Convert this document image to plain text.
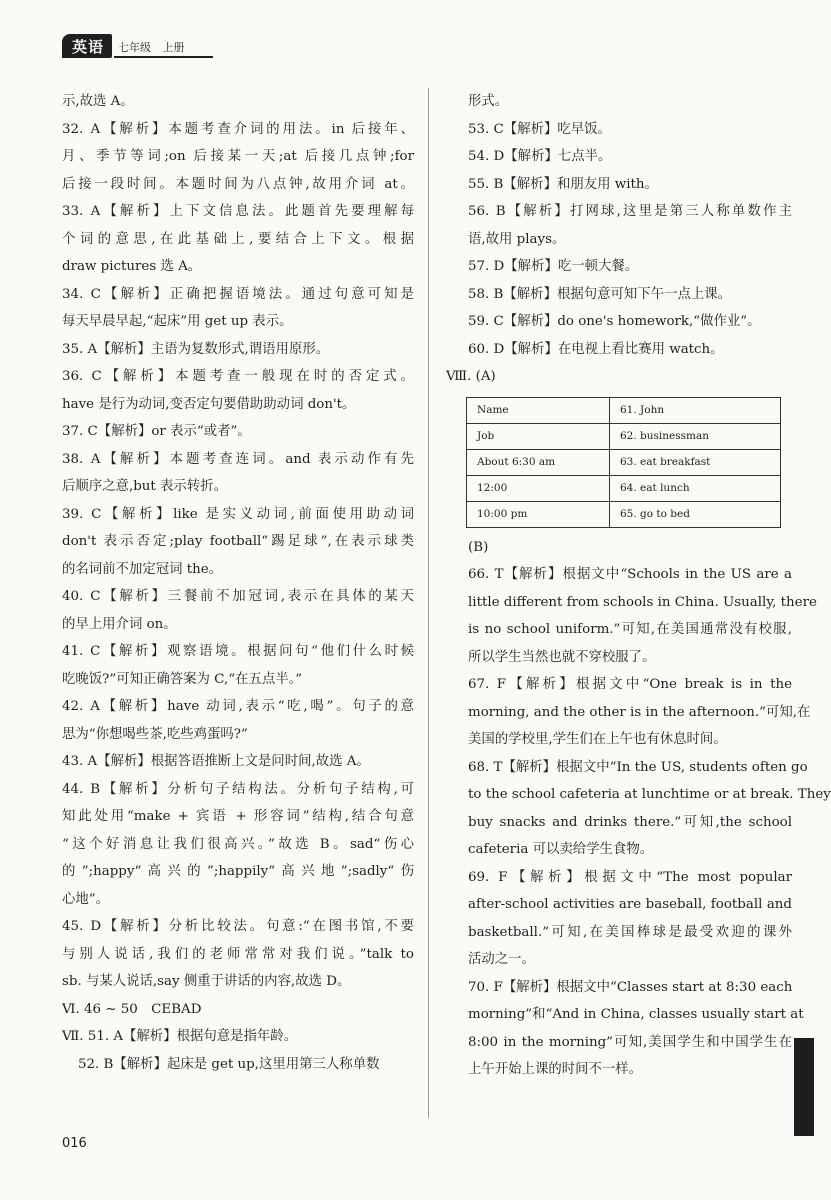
英语	七年级 上册
示,故选 A。
32. A【解析】本题考查介词的用法。in 后接年、
月、季节等词;on 后接某一天;at 后接几点钟;for
后接一段时间。本题时间为八点钟,故用介词 at。
33. A【解析】上下文信息法。此题首先要理解每
个词的意思,在此基础上,要结合上下文。根据
draw pictures 选 A。
34. C【解析】正确把握语境法。通过句意可知是
每天早晨早起,“起床”用 get up 表示。
35. A【解析】主语为复数形式,谓语用原形。
36. C【解析】本题考查一般现在时的否定式。
have 是行为动词,变否定句要借助助动词 don't。
37. C【解析】or 表示“或者”。
38. A【解析】本题考查连词。and 表示动作有先
后顺序之意,but 表示转折。
39. C【解析】like 是实义动词,前面使用助动词
don't 表示否定;play football“踢足球”,在表示球类
的名词前不加定冠词 the。
40. C【解析】三餐前不加冠词,表示在具体的某天
的早上用介词 on。
41. C【解析】观察语境。根据问句“他们什么时候
吃晚饭?”可知正确答案为 C,“在五点半。”
42. A【解析】have 动词,表示“吃,喝”。句子的意
思为“你想喝些茶,吃些鸡蛋吗?”
43. A【解析】根据答语推断上文是问时间,故选 A。
44. B【解析】分析句子结构法。分析句子结构,可
知此处用“make + 宾语 + 形容词”结构,结合句意
“这个好消息让我们很高兴。”故选 B。sad“伤心
的”;happy“高兴的”;happily“高兴地”;sadly“伤
心地”。
45. D【解析】分析比较法。句意:“在图书馆,不要
与别人说话,我们的老师常常对我们说。”talk to
sb. 与某人说话,say 侧重于讲话的内容,故选 D。
Ⅵ. 46 ~ 50　CEBAD
Ⅶ. 51. A【解析】根据句意是指年龄。
52. B【解析】起床是 get up,这里用第三人称单数
形式。
53. C【解析】吃早饭。
54. D【解析】七点半。
55. B【解析】和朋友用 with。
56. B【解析】打网球,这里是第三人称单数作主
语,故用 plays。
57. D【解析】吃一顿大餐。
58. B【解析】根据句意可知下午一点上课。
59. C【解析】do one's homework,“做作业”。
60. D【解析】在电视上看比赛用 watch。
Ⅷ. (A)
Name	61. John
Job	62. businessman
About 6:30 am	63. eat breakfast
12:00	64. eat lunch
10:00 pm	65. go to bed
(B)
66. T【解析】根据文中“Schools in the US are a
little different from schools in China. Usually, there
is no school uniform.”可知,在美国通常没有校服,
所以学生当然也就不穿校服了。
67. F【解析】根据文中“One break is in the
morning, and the other is in the afternoon.”可知,在
美国的学校里,学生们在上午也有休息时间。
68. T【解析】根据文中“In the US, students often go
to the school cafeteria at lunchtime or at break. They
buy snacks and drinks there.”可知,the school
cafeteria 可以卖给学生食物。
69. F【解析】根据文中“The most popular
after-school activities are baseball, football and
basketball.”可知,在美国棒球是最受欢迎的课外
活动之一。
70. F【解析】根据文中“Classes start at 8:30 each
morning”和“And in China, classes usually start at
8:00 in the morning”可知,美国学生和中国学生在
上午开始上课的时间不一样。
016
